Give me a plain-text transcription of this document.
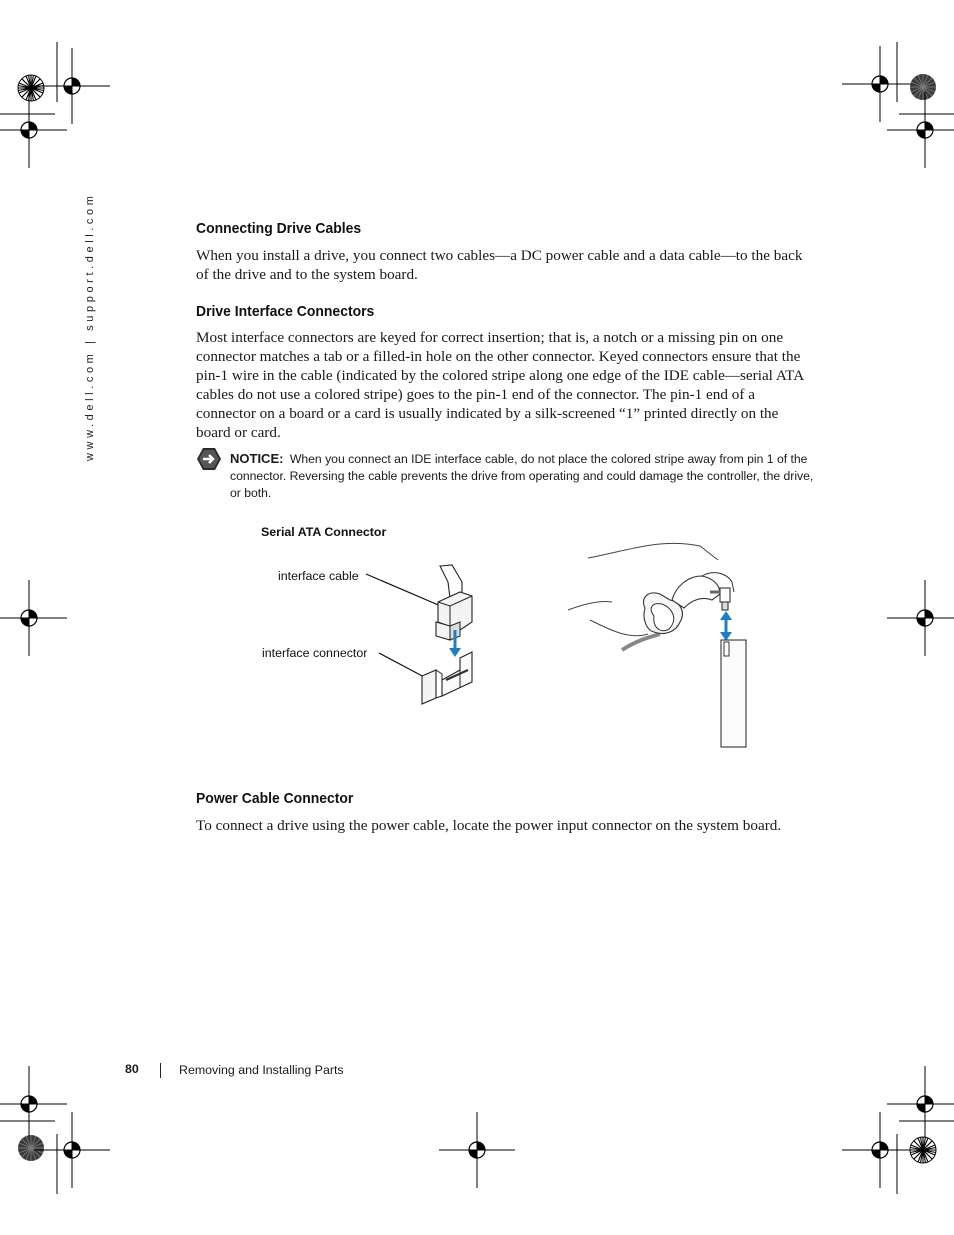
www.dell.com | support.dell.com	Connecting Drive Cables

When you install a drive, you connect two cables—a DC power cable and a data cable—to the back of the drive and to the system board.

Drive Interface Connectors

Most interface connectors are keyed for correct insertion; that is, a notch or a missing pin on one connector matches a tab or a filled-in hole on the other connector. Keyed connectors ensure that the pin-1 wire in the cable (indicated by the colored stripe along one edge of the IDE cable—serial ATA cables do not use a colored stripe) goes to the pin-1 end of the connector. The pin-1 end of a connector on a board or a card is usually indicated by a silk-screened “1” printed directly on the board or card.

NOTICE: When you connect an IDE interface cable, do not place the colored stripe away from pin 1 of the connector. Reversing the cable prevents the drive from operating and could damage the controller, the drive, or both.
Serial ATA Connector
interface cable
interface connector
Power Cable Connector

To connect a drive using the power cable, locate the power input connector on the system board.

80	Removing and Installing Parts
